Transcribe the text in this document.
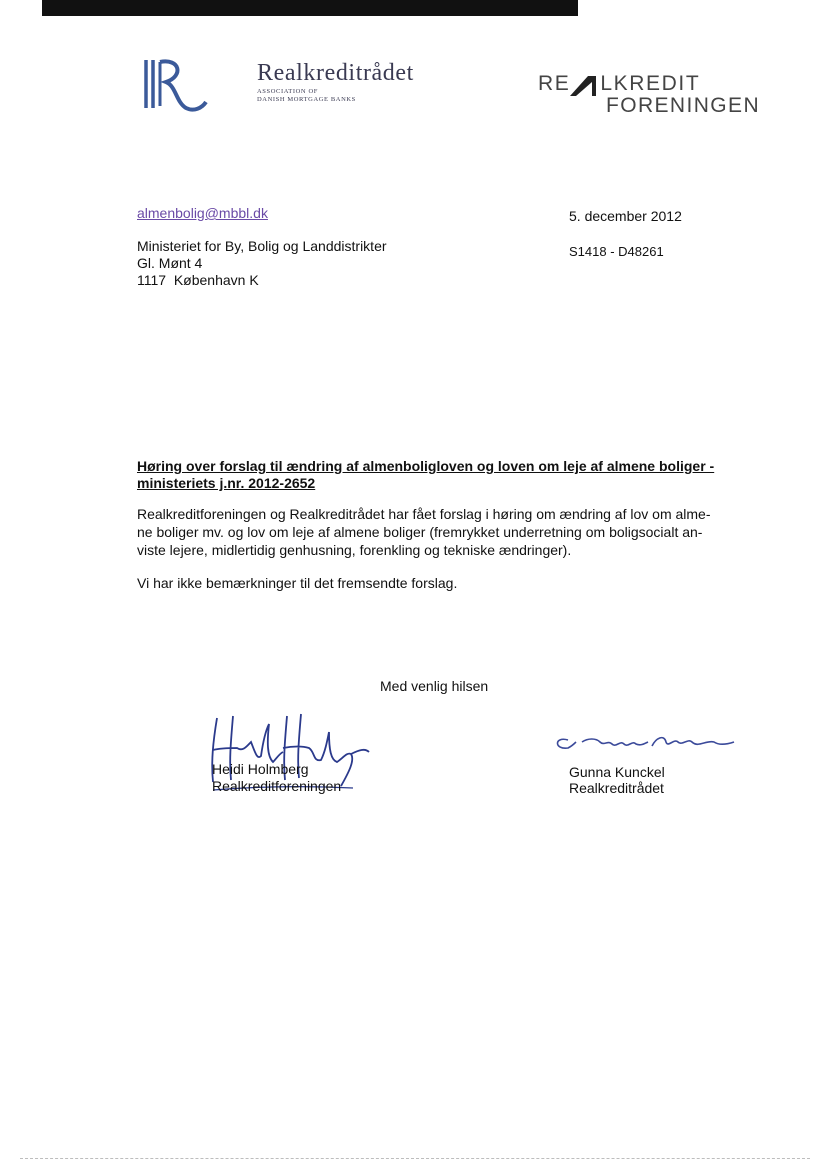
Realkreditrådet
ASSOCIATION OF
DANISH MORTGAGE BANKS
RE LKREDIT
FORENINGEN
almenbolig@mbbl.dk
Ministeriet for By, Bolig og Landdistrikter
Gl. Mønt 4
1117  København K
5. december 2012
S1418 - D48261
Høring over forslag til ændring af almenboligloven og loven om leje af almene boliger -
ministeriets j.nr. 2012-2652
Realkreditforeningen og Realkreditrådet har fået forslag i høring om ændring af lov om alme-
ne boliger mv. og lov om leje af almene boliger (fremrykket underretning om boligsocialt an-
viste lejere, midlertidig genhusning, forenkling og tekniske ændringer).
Vi har ikke bemærkninger til det fremsendte forslag.
Med venlig hilsen
Heidi Holmberg
Realkreditforeningen
Gunna Kunckel
Realkreditrådet
